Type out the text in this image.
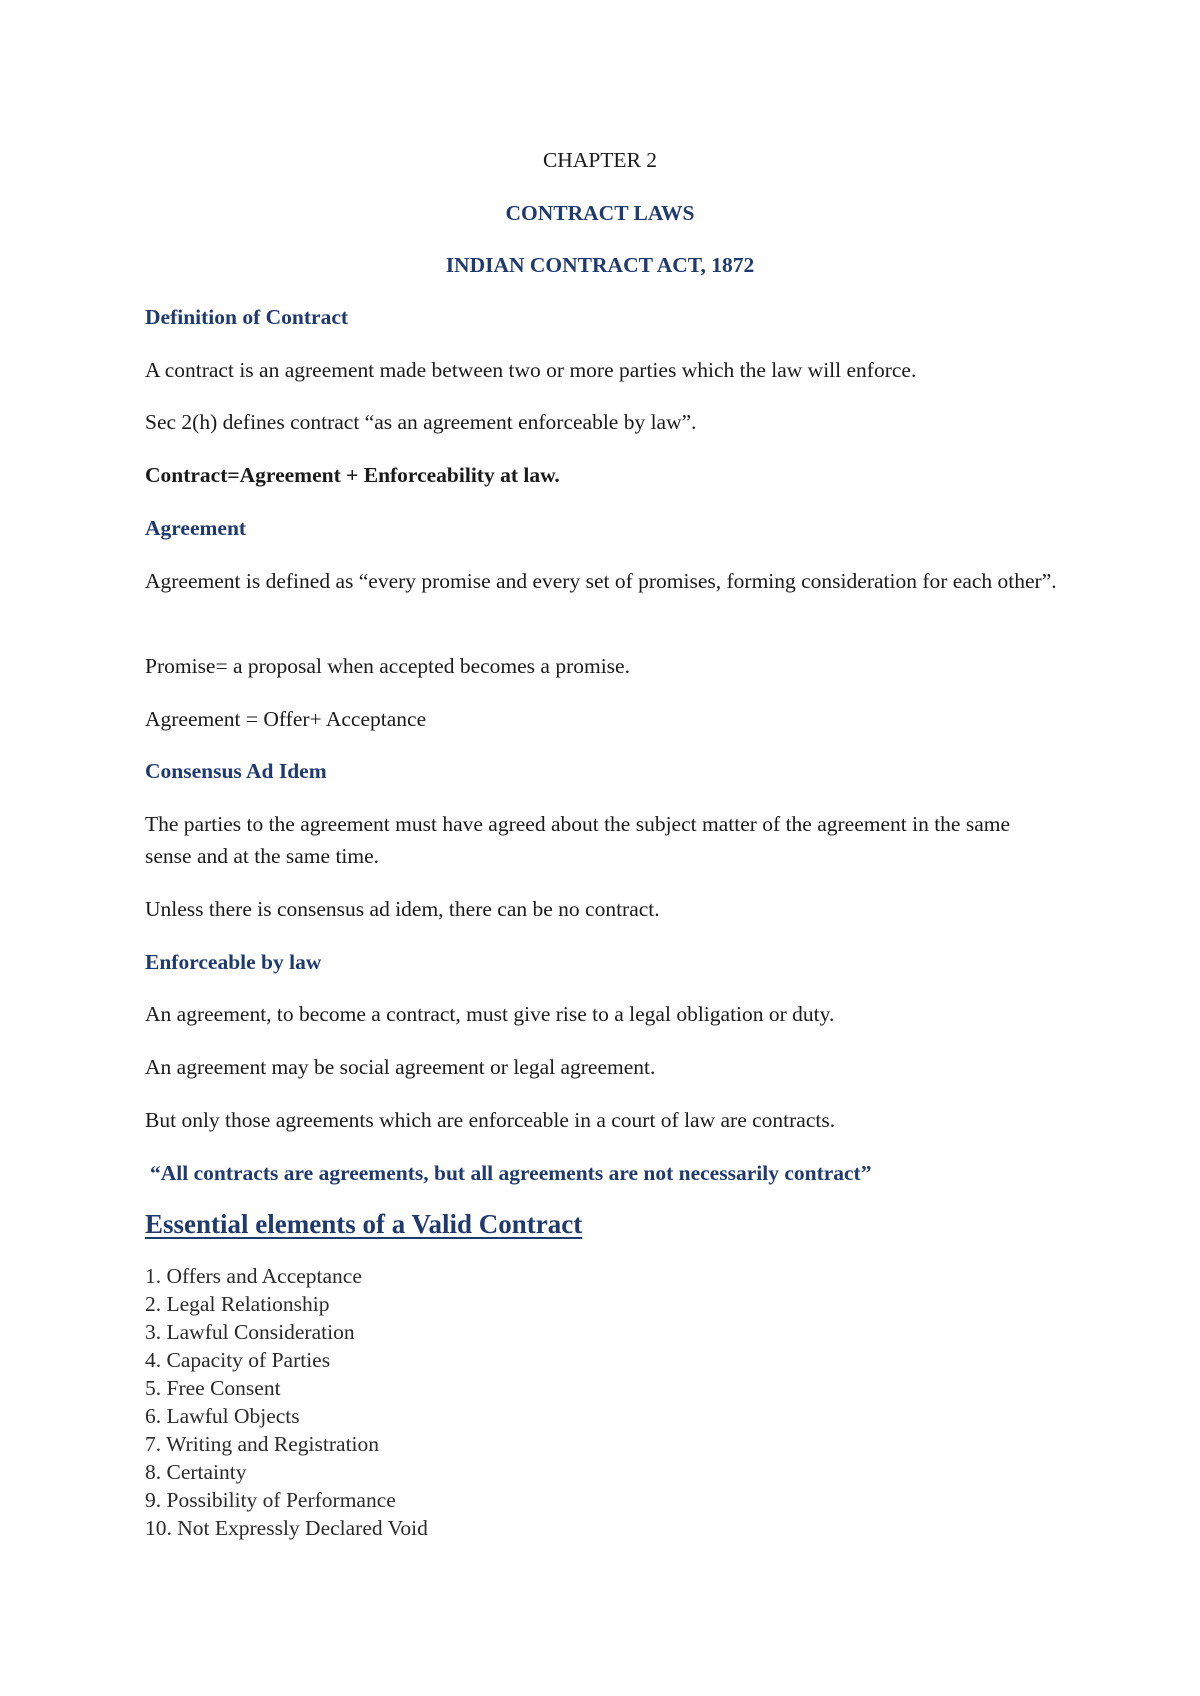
CHAPTER 2

CONTRACT LAWS

INDIAN CONTRACT ACT, 1872

Definition of Contract

A contract is an agreement made between two or more parties which the law will enforce.

Sec 2(h) defines contract “as an agreement enforceable by law”.

Contract=Agreement + Enforceability at law.

Agreement

Agreement is defined as “every promise and every set of promises, forming consideration for each other”.

Promise= a proposal when accepted becomes a promise.

Agreement = Offer+ Acceptance

Consensus Ad Idem

The parties to the agreement must have agreed about the subject matter of the agreement in the same sense and at the same time.

Unless there is consensus ad idem, there can be no contract.

Enforceable by law

An agreement, to become a contract, must give rise to a legal obligation or duty.

An agreement may be social agreement or legal agreement.

But only those agreements which are enforceable in a court of law are contracts.

“All contracts are agreements, but all agreements are not necessarily contract”

Essential elements of a Valid Contract

1. Offers and Acceptance
2. Legal Relationship
3. Lawful Consideration
4. Capacity of Parties
5. Free Consent
6. Lawful Objects
7. Writing and Registration
8. Certainty
9. Possibility of Performance
10. Not Expressly Declared Void
